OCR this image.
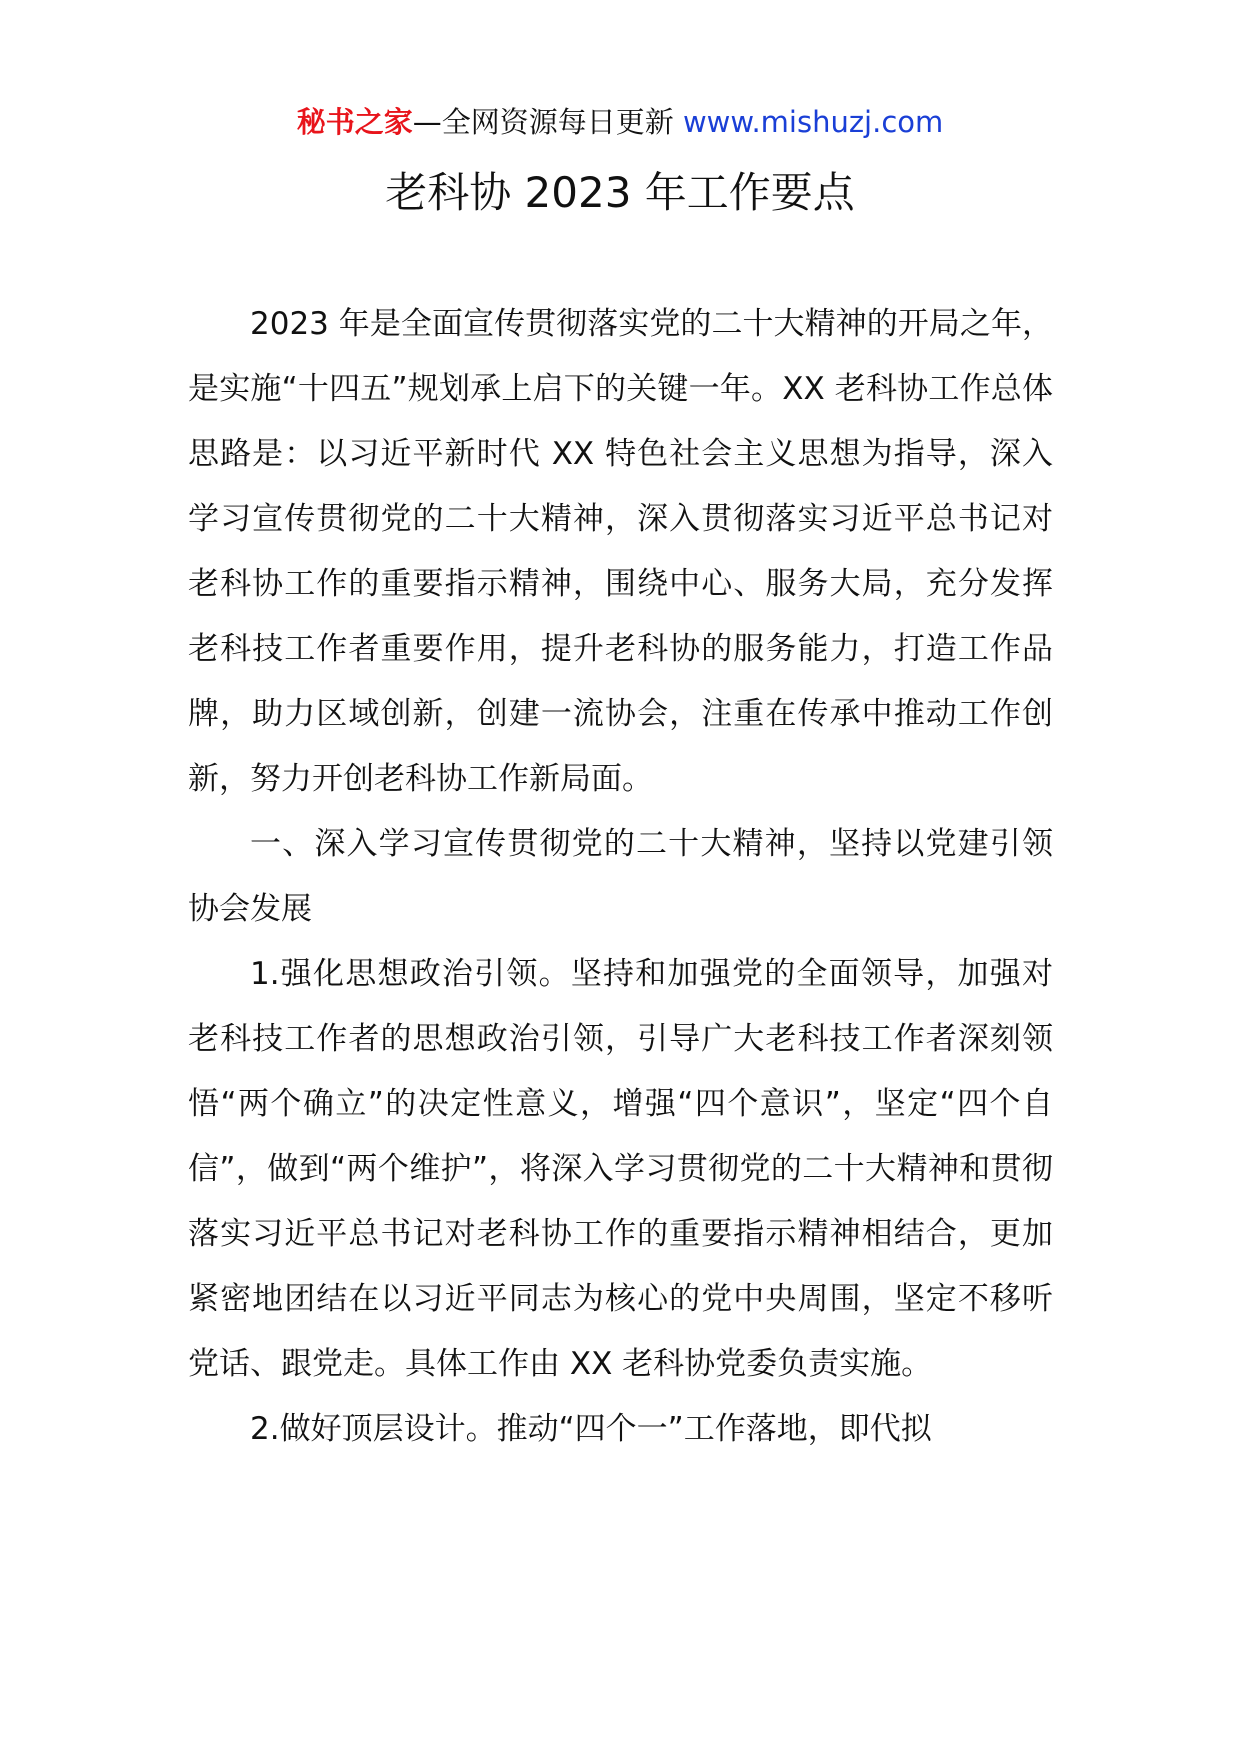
秘书之家—全网资源每日更新 www.mishuzj.com
老科协 2023 年工作要点

2023 年是全面宣传贯彻落实党的二十大精神的开局之年，是实施“十四五”规划承上启下的关键一年。XX 老科协工作总体思路是：以习近平新时代 XX 特色社会主义思想为指导，深入学习宣传贯彻党的二十大精神，深入贯彻落实习近平总书记对老科协工作的重要指示精神，围绕中心、服务大局，充分发挥老科技工作者重要作用，提升老科协的服务能力，打造工作品牌，助力区域创新，创建一流协会，注重在传承中推动工作创新，努力开创老科协工作新局面。

一、深入学习宣传贯彻党的二十大精神，坚持以党建引领协会发展

1.强化思想政治引领。坚持和加强党的全面领导，加强对老科技工作者的思想政治引领，引导广大老科技工作者深刻领悟“两个确立”的决定性意义，增强“四个意识”，坚定“四个自信”，做到“两个维护”，将深入学习贯彻党的二十大精神和贯彻落实习近平总书记对老科协工作的重要指示精神相结合，更加紧密地团结在以习近平同志为核心的党中央周围，坚定不移听党话、跟党走。具体工作由 XX 老科协党委负责实施。

2.做好顶层设计。推动“四个一”工作落地，即代拟
